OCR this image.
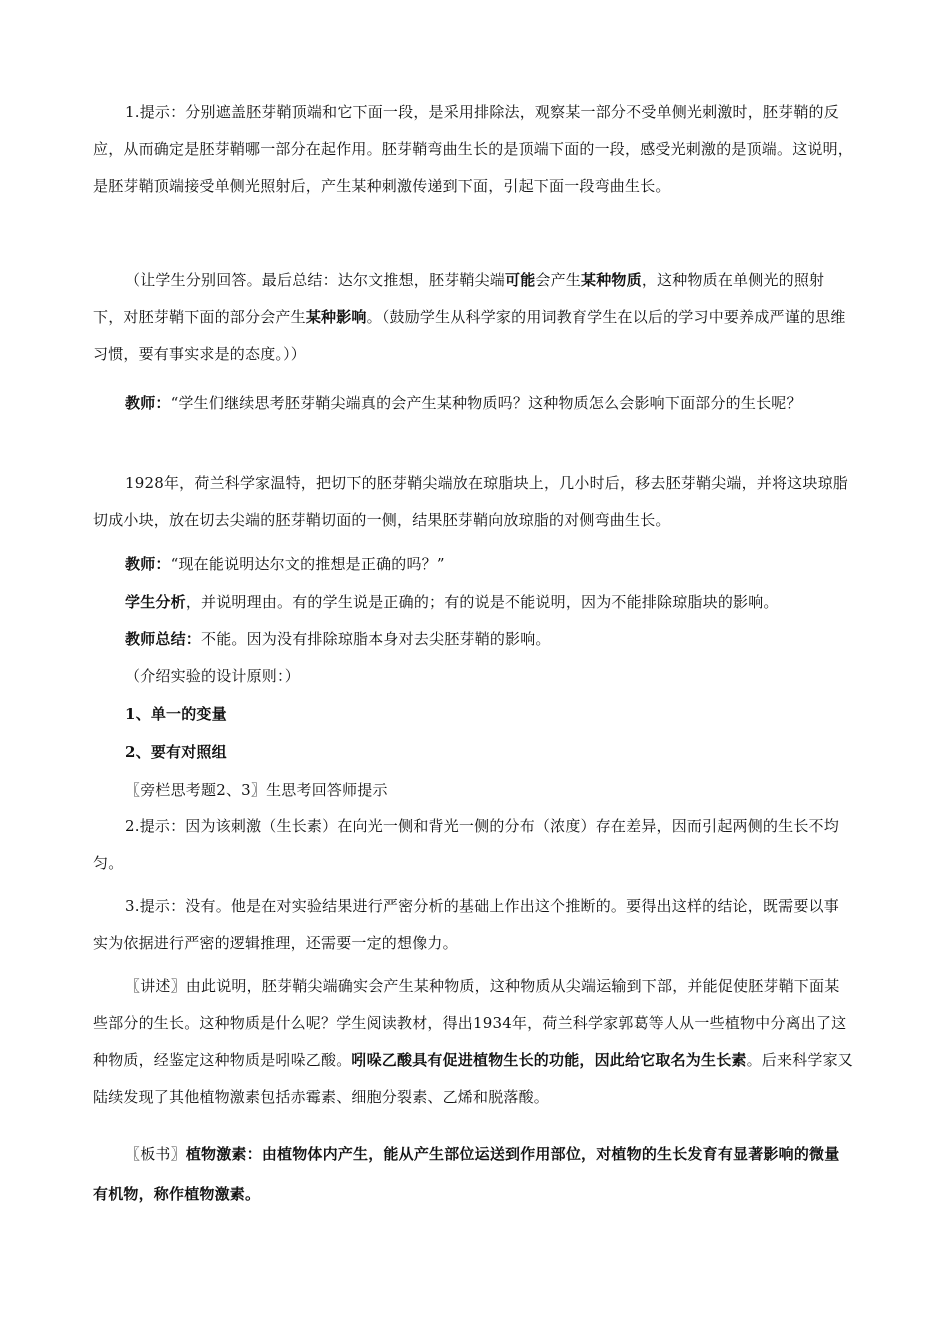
1.提示：分别遮盖胚芽鞘顶端和它下面一段，是采用排除法，观察某一部分不受单侧光刺激时，胚芽鞘的反应，从而确定是胚芽鞘哪一部分在起作用。胚芽鞘弯曲生长的是顶端下面的一段，感受光刺激的是顶端。这说明，是胚芽鞘顶端接受单侧光照射后，产生某种刺激传递到下面，引起下面一段弯曲生长。

（让学生分别回答。最后总结：达尔文推想，胚芽鞘尖端可能会产生某种物质，这种物质在单侧光的照射下，对胚芽鞘下面的部分会产生某种影响。（鼓励学生从科学家的用词教育学生在以后的学习中要养成严谨的思维习惯，要有事实求是的态度。））

教师：“学生们继续思考胚芽鞘尖端真的会产生某种物质吗？这种物质怎么会影响下面部分的生长呢？

1928年，荷兰科学家温特，把切下的胚芽鞘尖端放在琼脂块上，几小时后，移去胚芽鞘尖端，并将这块琼脂切成小块，放在切去尖端的胚芽鞘切面的一侧，结果胚芽鞘向放琼脂的对侧弯曲生长。

教师：“现在能说明达尔文的推想是正确的吗？”

学生分析，并说明理由。有的学生说是正确的；有的说是不能说明，因为不能排除琼脂块的影响。

教师总结：不能。因为没有排除琼脂本身对去尖胚芽鞘的影响。

（介绍实验的设计原则：）

1、单一的变量

2、要有对照组

〖旁栏思考题2、3〗生思考回答师提示

2.提示：因为该刺激（生长素）在向光一侧和背光一侧的分布（浓度）存在差异，因而引起两侧的生长不均匀。

3.提示：没有。他是在对实验结果进行严密分析的基础上作出这个推断的。要得出这样的结论，既需要以事实为依据进行严密的逻辑推理，还需要一定的想像力。

〖讲述〗由此说明，胚芽鞘尖端确实会产生某种物质，这种物质从尖端运输到下部，并能促使胚芽鞘下面某些部分的生长。这种物质是什么呢？学生阅读教材，得出1934年，荷兰科学家郭葛等人从一些植物中分离出了这种物质，经鉴定这种物质是吲哚乙酸。吲哚乙酸具有促进植物生长的功能，因此给它取名为生长素。后来科学家又陆续发现了其他植物激素包括赤霉素、细胞分裂素、乙烯和脱落酸。

〖板书〗植物激素：由植物体内产生，能从产生部位运送到作用部位，对植物的生长发育有显著影响的微量有机物，称作植物激素。
